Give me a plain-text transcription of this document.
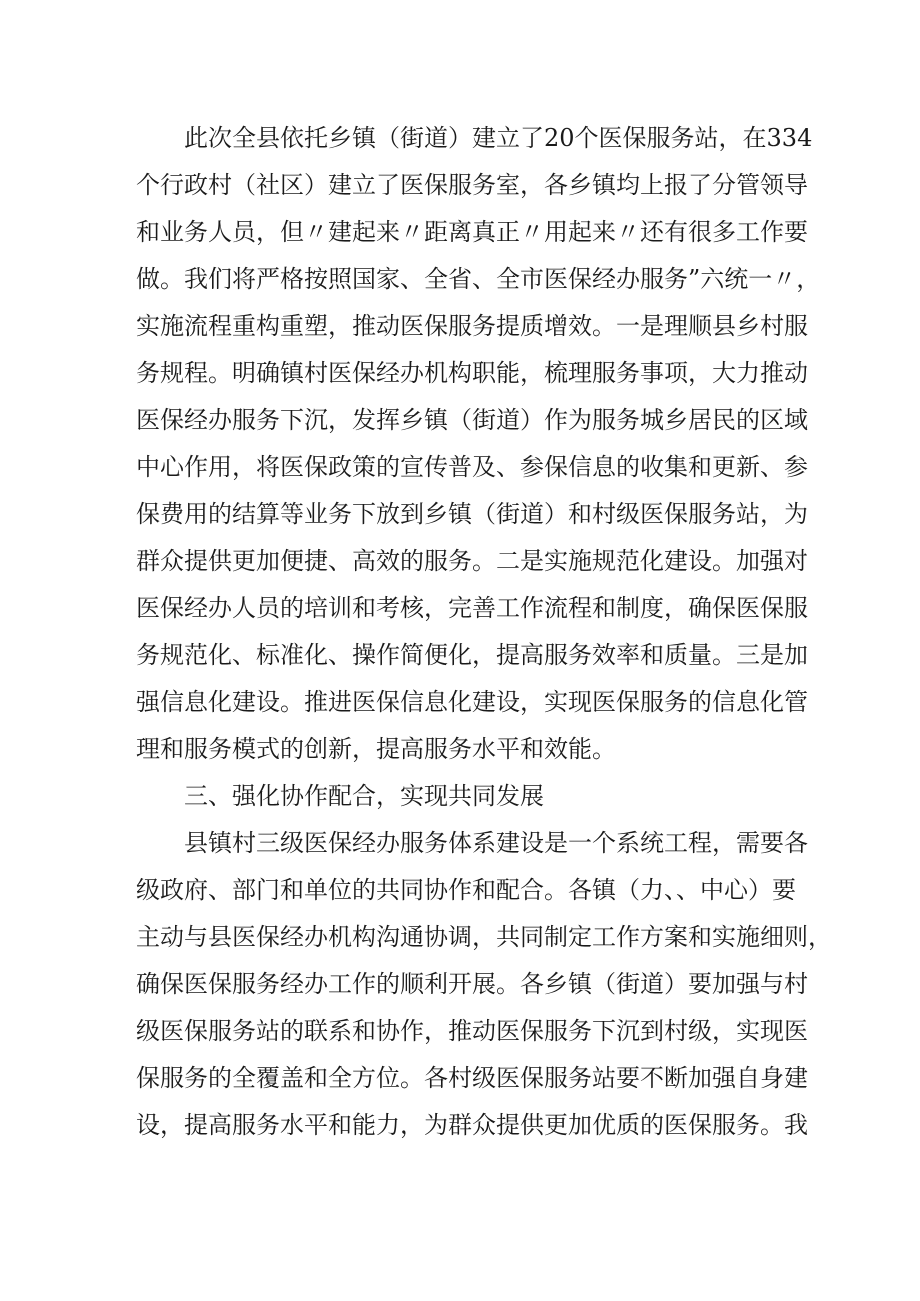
此次全县依托乡镇（街道）建立了20个医保服务站，在334
个行政村（社区）建立了医保服务室，各乡镇均上报了分管领导
和业务人员，但〃建起来〃距离真正〃用起来〃还有很多工作要
做。我们将严格按照国家、全省、全市医保经办服务”六统一〃，
实施流程重构重塑，推动医保服务提质增效。一是理顺县乡村服
务规程。明确镇村医保经办机构职能，梳理服务事项，大力推动
医保经办服务下沉，发挥乡镇（街道）作为服务城乡居民的区域
中心作用，将医保政策的宣传普及、参保信息的收集和更新、参
保费用的结算等业务下放到乡镇（街道）和村级医保服务站，为
群众提供更加便捷、高效的服务。二是实施规范化建设。加强对
医保经办人员的培训和考核，完善工作流程和制度，确保医保服
务规范化、标准化、操作简便化，提高服务效率和质量。三是加
强信息化建设。推进医保信息化建设，实现医保服务的信息化管
理和服务模式的创新，提高服务水平和效能。
三、强化协作配合，实现共同发展
县镇村三级医保经办服务体系建设是一个系统工程，需要各
级政府、部门和单位的共同协作和配合。各镇（力、、中心）要
主动与县医保经办机构沟通协调，共同制定工作方案和实施细则，
确保医保服务经办工作的顺利开展。各乡镇（街道）要加强与村
级医保服务站的联系和协作，推动医保服务下沉到村级，实现医
保服务的全覆盖和全方位。各村级医保服务站要不断加强自身建
设，提高服务水平和能力，为群众提供更加优质的医保服务。我
